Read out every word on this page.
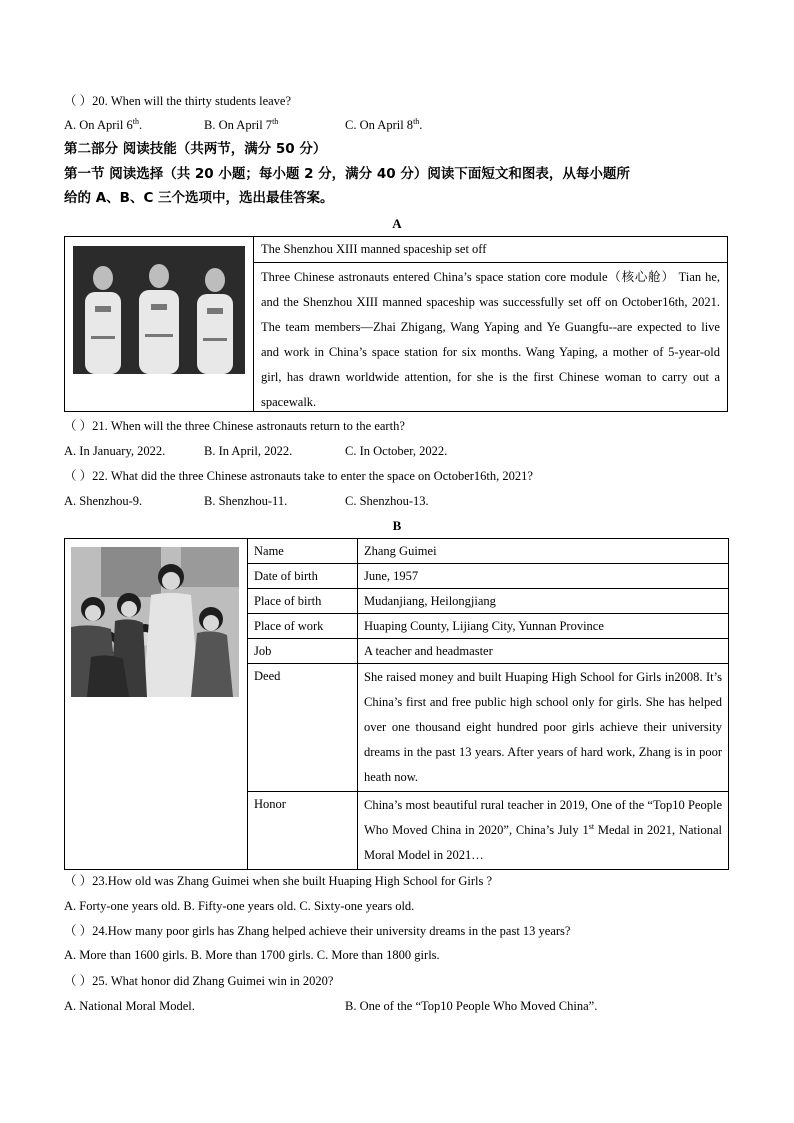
（ ）20. When will the thirty students leave?
A. On April 6th.	B. On April 7th	C. On April 8th.
第二部分 阅读技能（共两节，满分 50 分）
第一节 阅读选择（共 20 小题；每小题 2 分，满分 40 分）阅读下面短文和图表，从每小题所
给的 A、B、C 三个选项中，选出最佳答案。
A
The Shenzhou XIII manned spaceship set off
Three Chinese astronauts entered China’s space station core module（核心舱） Tian he, and the Shenzhou XIII manned spaceship was successfully set off on October16th, 2021. The team members—Zhai Zhigang, Wang Yaping and Ye Guangfu--are expected to live and work in China’s space station for six months. Wang Yaping, a mother of 5-year-old girl, has drawn worldwide attention, for she is the first Chinese woman to carry out a spacewalk.
（ ）21. When will the three Chinese astronauts return to the earth?
A. In January, 2022.	B. In April, 2022.	C. In October, 2022.
（ ）22. What did the three Chinese astronauts take to enter the space on October16th, 2021?
A. Shenzhou-9.	B. Shenzhou-11.	C. Shenzhou-13.
B
	Name	Zhang Guimei
	Date of birth	June, 1957
	Place of birth	Mudanjiang, Heilongjiang
	Place of work	Huaping County, Lijiang City, Yunnan Province
	Job	A teacher and headmaster
	Deed	She raised money and built Huaping High School for Girls in2008. It’s China’s first and free public high school only for girls. She has helped over one thousand eight hundred poor girls achieve their university dreams in the past 13 years. After years of hard work, Zhang is in poor heath now.
	Honor	China’s most beautiful rural teacher in 2019, One of the “Top10 People Who Moved China in 2020”, China’s July 1st Medal in 2021, National Moral Model in 2021…
（ ）23.How old was Zhang Guimei when she built Huaping High School for Girls ?
A. Forty-one years old. B. Fifty-one years old. C. Sixty-one years old.
（ ）24.How many poor girls has Zhang helped achieve their university dreams in the past 13 years?
A. More than 1600 girls. B. More than 1700 girls. C. More than 1800 girls.
（ ）25. What honor did Zhang Guimei win in 2020?
A. National Moral Model.	B. One of the “Top10 People Who Moved China”.
